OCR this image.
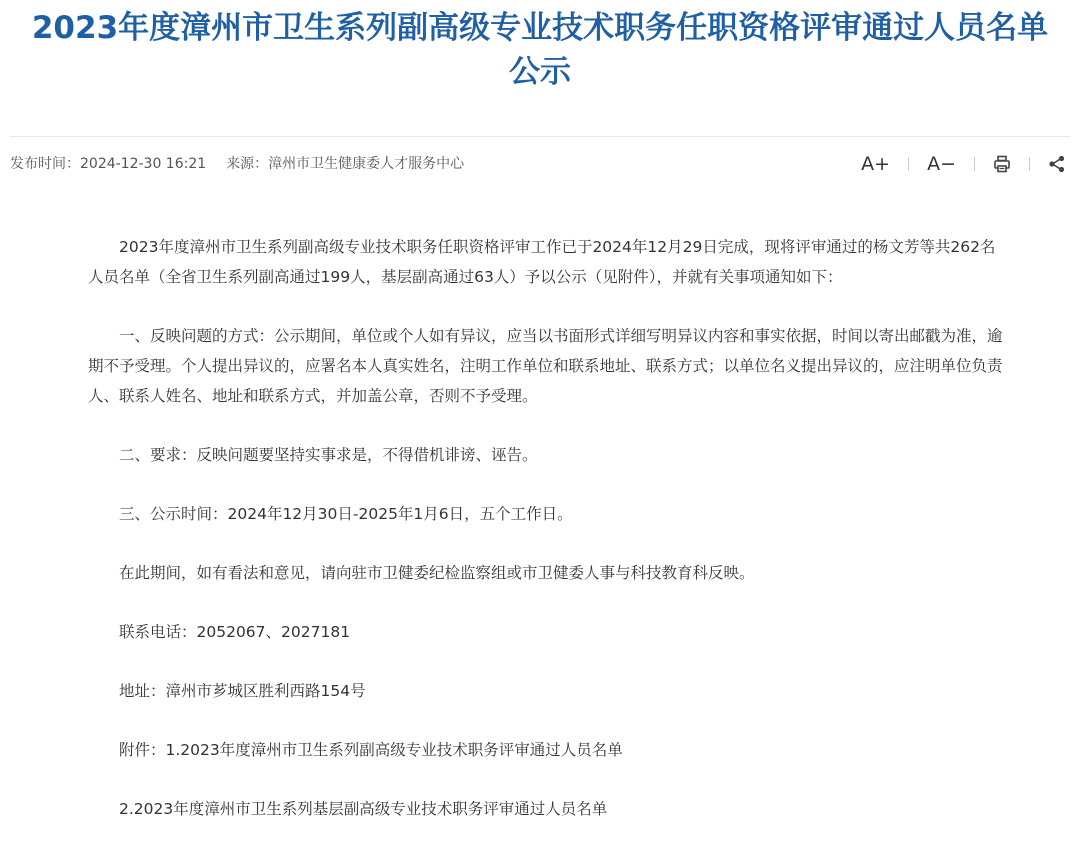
2023年度漳州市卫生系列副高级专业技术职务任职资格评审通过人员名单公示
发布时间：2024-12-30 16:21 来源：漳州市卫生健康委人才服务中心	A+ A−

2023年度漳州市卫生系列副高级专业技术职务任职资格评审工作已于2024年12月29日完成，现将评审通过的杨文芳等共262名人员名单（全省卫生系列副高通过199人，基层副高通过63人）予以公示（见附件），并就有关事项通知如下：

一、反映问题的方式：公示期间，单位或个人如有异议，应当以书面形式详细写明异议内容和事实依据，时间以寄出邮戳为准，逾期不予受理。个人提出异议的，应署名本人真实姓名，注明工作单位和联系地址、联系方式；以单位名义提出异议的，应注明单位负责人、联系人姓名、地址和联系方式，并加盖公章，否则不予受理。

二、要求：反映问题要坚持实事求是，不得借机诽谤、诬告。

三、公示时间：2024年12月30日-2025年1月6日，五个工作日。

在此期间，如有看法和意见，请向驻市卫健委纪检监察组或市卫健委人事与科技教育科反映。

联系电话：2052067、2027181

地址：漳州市芗城区胜利西路154号

附件：1.2023年度漳州市卫生系列副高级专业技术职务评审通过人员名单

2.2023年度漳州市卫生系列基层副高级专业技术职务评审通过人员名单
